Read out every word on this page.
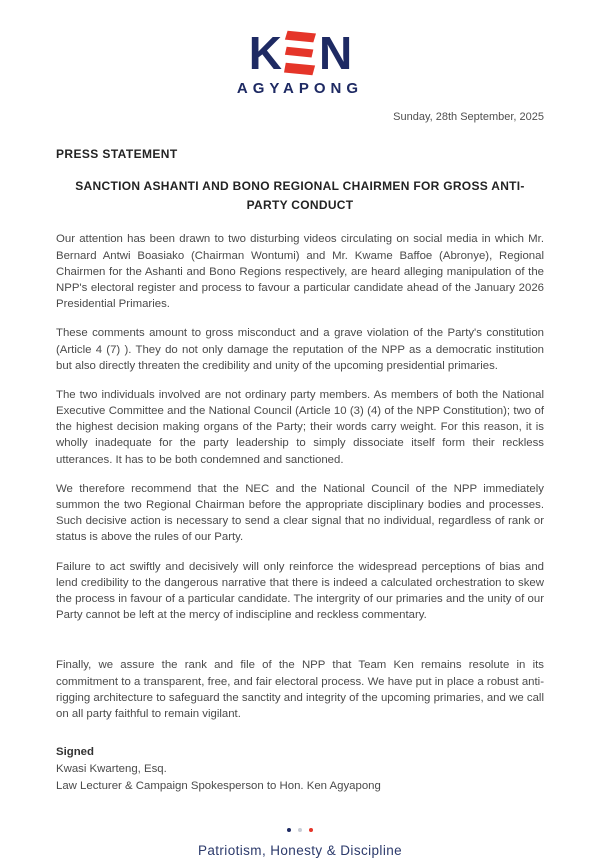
K N
AGYAPONG
Sunday, 28th September, 2025
PRESS STATEMENT
SANCTION ASHANTI AND BONO REGIONAL CHAIRMEN FOR GROSS ANTI-PARTY CONDUCT

Our attention has been drawn to two disturbing videos circulating on social media in which Mr. Bernard Antwi Boasiako (Chairman Wontumi) and Mr. Kwame Baffoe (Abronye), Regional Chairmen for the Ashanti and Bono Regions respectively, are heard alleging manipulation of the NPP's electoral register and process to favour a particular candidate ahead of the January 2026 Presidential Primaries.

These comments amount to gross misconduct and a grave violation of the Party's constitution (Article 4 (7) ). They do not only damage the reputation of the NPP as a democratic institution but also directly threaten the credibility and unity of the upcoming presidential primaries.

The two individuals involved are not ordinary party members. As members of both the National Executive Committee and the National Council (Article 10 (3) (4) of the NPP Constitution); two of the highest decision making organs of the Party; their words carry weight. For this reason, it is wholly inadequate for the party leadership to simply dissociate itself form their reckless utterances. It has to be both condemned and sanctioned.

We therefore recommend that the NEC and the National Council of the NPP immediately summon the two Regional Chairman before the appropriate disciplinary bodies and processes. Such decisive action is necessary to send a clear signal that no individual, regardless of rank or status is above the rules of our Party.

Failure to act swiftly and decisively will only reinforce the widespread perceptions of bias and lend credibility to the dangerous narrative that there is indeed a calculated orchestration to skew the process in favour of a particular candidate. The intergrity of our primaries and the unity of our Party cannot be left at the mercy of indiscipline and reckless commentary.

Finally, we assure the rank and file of the NPP that Team Ken remains resolute in its commitment to a transparent, free, and fair electoral process. We have put in place a robust anti-rigging architecture to safeguard the sanctity and integrity of the upcoming primaries, and we call on all party faithful to remain vigilant.

Signed
Kwasi Kwarteng, Esq.
Law Lecturer & Campaign Spokesperson to Hon. Ken Agyapong
Patriotism, Honesty & Discipline
